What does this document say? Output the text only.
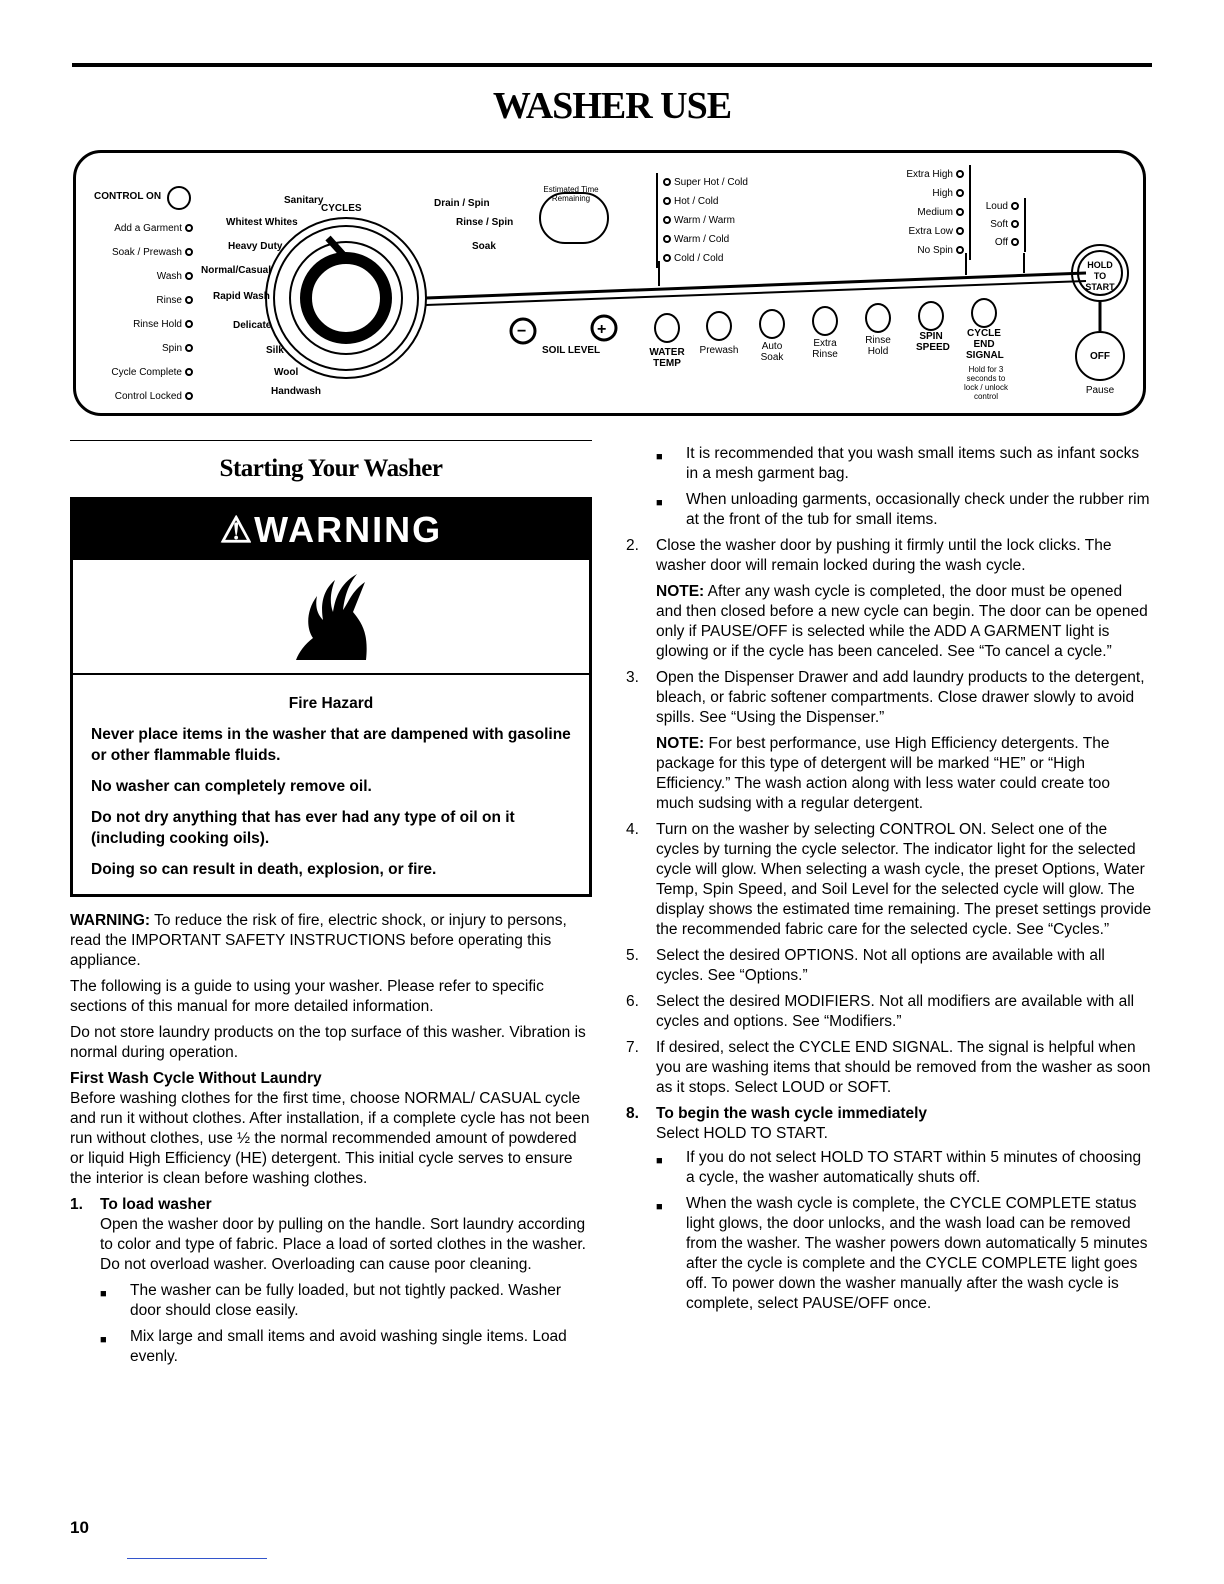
WASHER USE
−	+
CONTROL ON
Add a Garment
Soak / Prewash
Wash
Rinse
Rinse Hold
Spin
Cycle Complete
Control Locked
CYCLES
Sanitary
Whitest Whites
Heavy Duty
Normal/Casual
Rapid Wash
Delicate
Silk
Wool
Handwash
Drain / Spin
Rinse / Spin
Soak
Estimated Time Remaining
Super Hot / Cold
Hot / Cold
Warm / Warm
Warm / Cold
Cold / Cold
Extra High
High
Medium
Extra Low
No Spin
Loud
Soft
Off
SOIL LEVEL	WATER TEMP
Prewash	Auto Soak
Extra Rinse
Rinse Hold
SPIN SPEED
CYCLE END SIGNAL
Hold for 3 seconds to lock / unlock control
HOLD TO START
OFF
Pause
Starting Your Washer
⚠WARNING

Fire Hazard

Never place items in the washer that are dampened with gasoline or other flammable fluids.

No washer can completely remove oil.

Do not dry anything that has ever had any type of oil on it (including cooking oils).

Doing so can result in death, explosion, or fire.

WARNING: To reduce the risk of fire, electric shock, or injury to persons, read the IMPORTANT SAFETY INSTRUCTIONS before operating this appliance.

The following is a guide to using your washer. Please refer to specific sections of this manual for more detailed information.

Do not store laundry products on the top surface of this washer. Vibration is normal during operation.

First Wash Cycle Without Laundry

Before washing clothes for the first time, choose NORMAL/ CASUAL cycle and run it without clothes. After installation, if a complete cycle has not been run without clothes, use ½ the normal recommended amount of powdered or liquid High Efficiency (HE) detergent. This initial cycle serves to ensure the interior is clean before washing clothes.

1.	To load washer

Open the washer door by pulling on the handle. Sort laundry according to color and type of fabric. Place a load of sorted clothes in the washer. Do not overload washer. Overloading can cause poor cleaning.

■	The washer can be fully loaded, but not tightly packed. Washer door should close easily.
■	Mix large and small items and avoid washing single items. Load evenly.
■	It is recommended that you wash small items such as infant socks in a mesh garment bag.
■	When unloading garments, occasionally check under the rubber rim at the front of the tub for small items.
2.	Close the washer door by pushing it firmly until the lock clicks. The washer door will remain locked during the wash cycle.

NOTE: After any wash cycle is completed, the door must be opened and then closed before a new cycle can begin. The door can be opened only if PAUSE/OFF is selected while the ADD A GARMENT light is glowing or if the cycle has been canceled. See “To cancel a cycle.”

3.	Open the Dispenser Drawer and add laundry products to the detergent, bleach, or fabric softener compartments. Close drawer slowly to avoid spills. See “Using the Dispenser.”

NOTE: For best performance, use High Efficiency detergents. The package for this type of detergent will be marked “HE” or “High Efficiency.” The wash action along with less water could create too much sudsing with a regular detergent.

4.	Turn on the washer by selecting CONTROL ON. Select one of the cycles by turning the cycle selector. The indicator light for the selected cycle will glow. When selecting a wash cycle, the preset Options, Water Temp, Spin Speed, and Soil Level for the selected cycle will glow. The display shows the estimated time remaining. The preset settings provide the recommended fabric care for the selected cycle. See “Cycles.”
5.	Select the desired OPTIONS. Not all options are available with all cycles. See “Options.”
6.	Select the desired MODIFIERS. Not all modifiers are available with all cycles and options. See “Modifiers.”
7.	If desired, select the CYCLE END SIGNAL. The signal is helpful when you are washing items that should be removed from the washer as soon as it stops. Select LOUD or SOFT.
8.	To begin the wash cycle immediately
Select HOLD TO START.
■	If you do not select HOLD TO START within 5 minutes of choosing a cycle, the washer automatically shuts off.
■	When the wash cycle is complete, the CYCLE COMPLETE status light glows, the door unlocks, and the wash load can be removed from the washer. The washer powers down automatically 5 minutes after the cycle is complete and the CYCLE COMPLETE light goes off. To power down the washer manually after the wash cycle is complete, select PAUSE/OFF once.
10
